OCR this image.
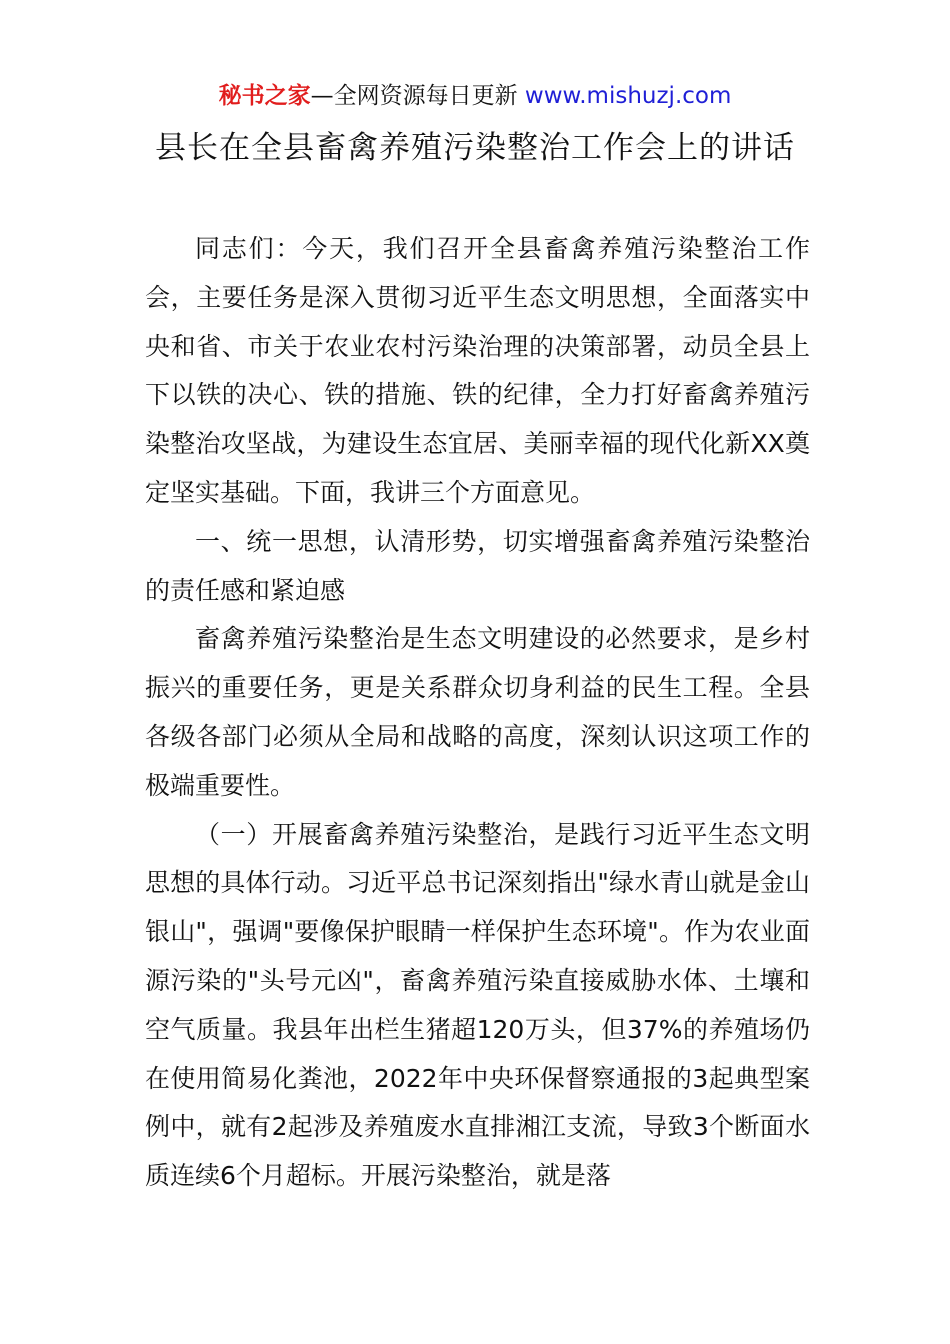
秘书之家—全网资源每日更新 www.mishuzj.com
县长在全县畜禽养殖污染整治工作会上的讲话

同志们：今天，我们召开全县畜禽养殖污染整治工作会，主要任务是深入贯彻习近平生态文明思想，全面落实中央和省、市关于农业农村污染治理的决策部署，动员全县上下以铁的决心、铁的措施、铁的纪律，全力打好畜禽养殖污染整治攻坚战，为建设生态宜居、美丽幸福的现代化新XX奠定坚实基础。下面，我讲三个方面意见。

一、统一思想，认清形势，切实增强畜禽养殖污染整治的责任感和紧迫感

畜禽养殖污染整治是生态文明建设的必然要求，是乡村振兴的重要任务，更是关系群众切身利益的民生工程。全县各级各部门必须从全局和战略的高度，深刻认识这项工作的极端重要性。

（一）开展畜禽养殖污染整治，是践行习近平生态文明思想的具体行动。习近平总书记深刻指出"绿水青山就是金山银山"，强调"要像保护眼睛一样保护生态环境"。作为农业面源污染的"头号元凶"，畜禽养殖污染直接威胁水体、土壤和空气质量。我县年出栏生猪超120万头，但37%的养殖场仍在使用简易化粪池，2022年中央环保督察通报的3起典型案例中，就有2起涉及养殖废水直排湘江支流，导致3个断面水质连续6个月超标。开展污染整治，就是落
